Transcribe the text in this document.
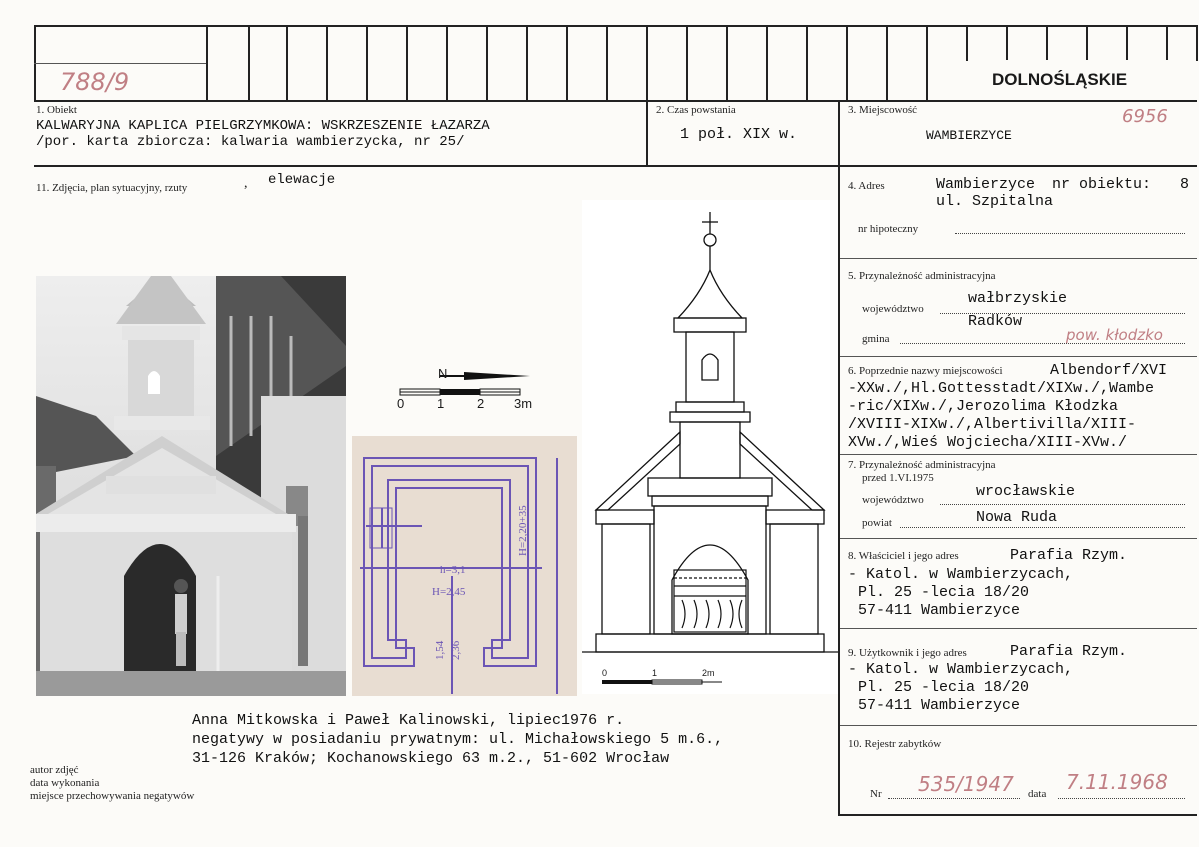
DOLNOŚLĄSKIE
788/9
1. Obiekt
KALWARYJNA KAPLICA PIELGRZYMKOWA: WSKRZESZENIE ŁAZARZA
/por. karta zbiorcza: kalwaria wambierzycka, nr 25/
2. Czas powstania
1 poł. XIX w.
3. Miejscowość
WAMBIERZYCE
6956
11. Zdjęcia, plan sytuacyjny, rzuty	, elewacje
N
0	1	2 3m
h=3,1
H=2,45
H=2,20+35
1,54 2,36
0	1	2m
Anna Mitkowska i Paweł Kalinowski, lipiec1976 r.
negatywy w posiadaniu prywatnym: ul. Michałowskiego 5 m.6.,
31-126 Kraków; Kochanowskiego 63 m.2., 51-602 Wrocław
autor zdjęć
data wykonania
miejsce przechowywania negatywów
4. Adres	Wambierzyce nr obiektu: 8
ul. Szpitalna
nr hipoteczny
5. Przynależność administracyjna
województwo
wałbrzyskie
gmina
Radków
pow. kłodzko
6. Poprzednie nazwy miejscowości	Albendorf/XVI
-XXw./,Hl.Gottesstadt/XIXw./,Wambe
-ric/XIXw./,Jerozolima Kłodzka
/XVIII-XIXw./,Albertivilla/XIII-
XVw./,Wieś Wojciecha/XIII-XVw./
7. Przynależność administracyjna
przed 1.VI.1975
województwo	wrocławskie
powiat	Nowa Ruda
8. Właściciel i jego adres	Parafia Rzym.
- Katol. w Wambierzycach,
Pl. 25 -lecia 18/20
57-411 Wambierzyce
9. Użytkownik i jego adres	Parafia Rzym.
- Katol. w Wambierzycach,
Pl. 25 -lecia 18/20
57-411 Wambierzyce
10. Rejestr zabytków
Nr 535/1947 data 7.11.1968
